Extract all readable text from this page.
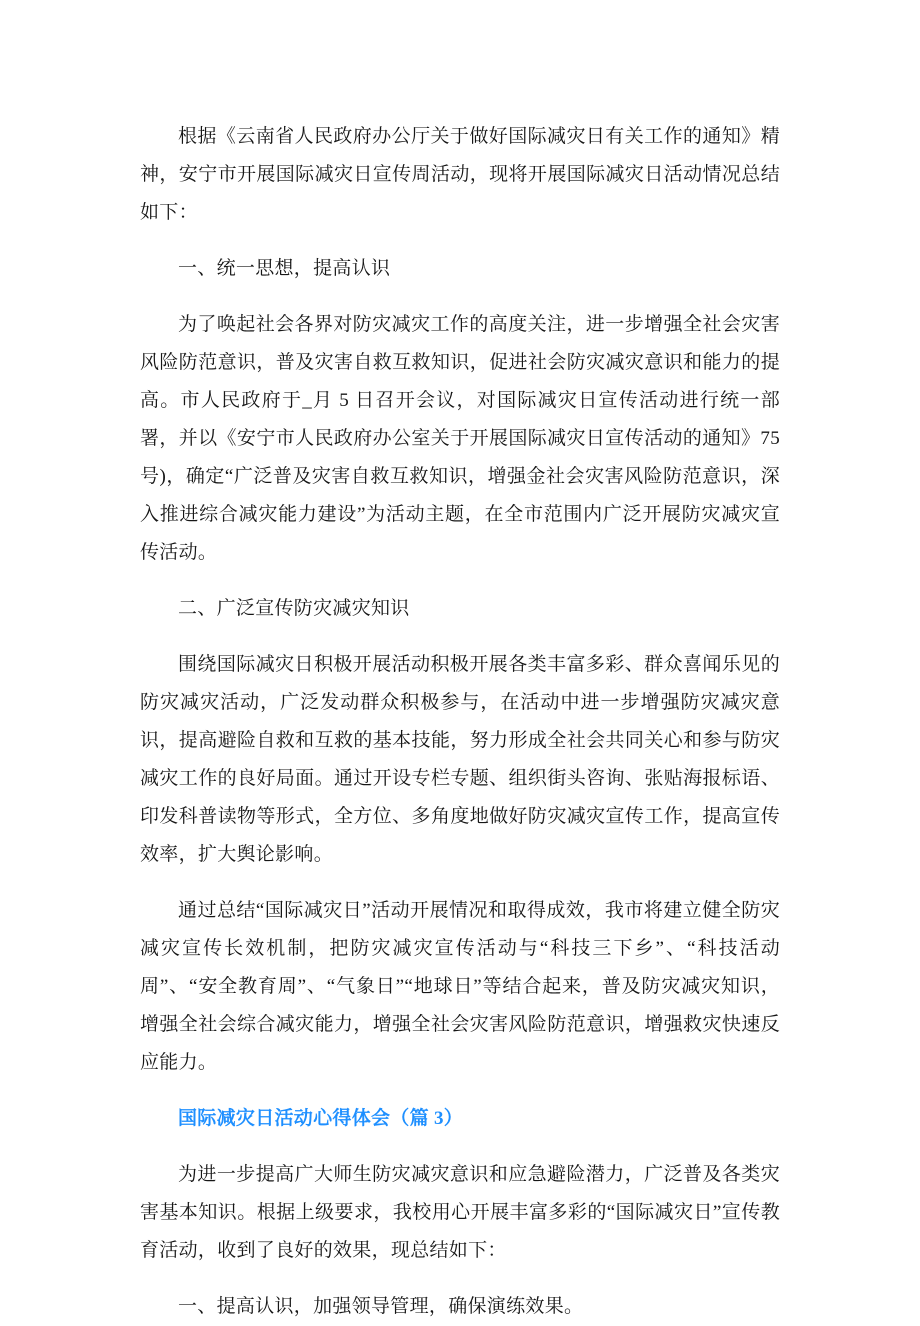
根据《云南省人民政府办公厅关于做好国际减灾日有关工作的通知》精神，安宁市开展国际减灾日宣传周活动，现将开展国际减灾日活动情况总结如下：

一、统一思想，提高认识

为了唤起社会各界对防灾减灾工作的高度关注，进一步增强全社会灾害风险防范意识，普及灾害自救互救知识，促进社会防灾减灾意识和能力的提高。市人民政府于_月 5 日召开会议，对国际减灾日宣传活动进行统一部署，并以《安宁市人民政府办公室关于开展国际减灾日宣传活动的通知》75 号)，确定“广泛普及灾害自救互救知识，增强金社会灾害风险防范意识，深入推进综合减灾能力建设”为活动主题，在全市范围内广泛开展防灾减灾宣传活动。

二、广泛宣传防灾减灾知识

围绕国际减灾日积极开展活动积极开展各类丰富多彩、群众喜闻乐见的防灾减灾活动，广泛发动群众积极参与，在活动中进一步增强防灾减灾意识，提高避险自救和互救的基本技能，努力形成全社会共同关心和参与防灾减灾工作的良好局面。通过开设专栏专题、组织街头咨询、张贴海报标语、印发科普读物等形式，全方位、多角度地做好防灾减灾宣传工作，提高宣传效率，扩大舆论影响。

通过总结“国际减灾日”活动开展情况和取得成效，我市将建立健全防灾减灾宣传长效机制，把防灾减灾宣传活动与“科技三下乡”、“科技活动周”、“安全教育周”、“气象日”“地球日”等结合起来，普及防灾减灾知识，增强全社会综合减灾能力，增强全社会灾害风险防范意识，增强救灾快速反应能力。

国际减灾日活动心得体会（篇 3）

为进一步提高广大师生防灾减灾意识和应急避险潜力，广泛普及各类灾害基本知识。根据上级要求，我校用心开展丰富多彩的“国际减灾日”宣传教育活动，收到了良好的效果，现总结如下：

一、提高认识，加强领导管理，确保演练效果。
